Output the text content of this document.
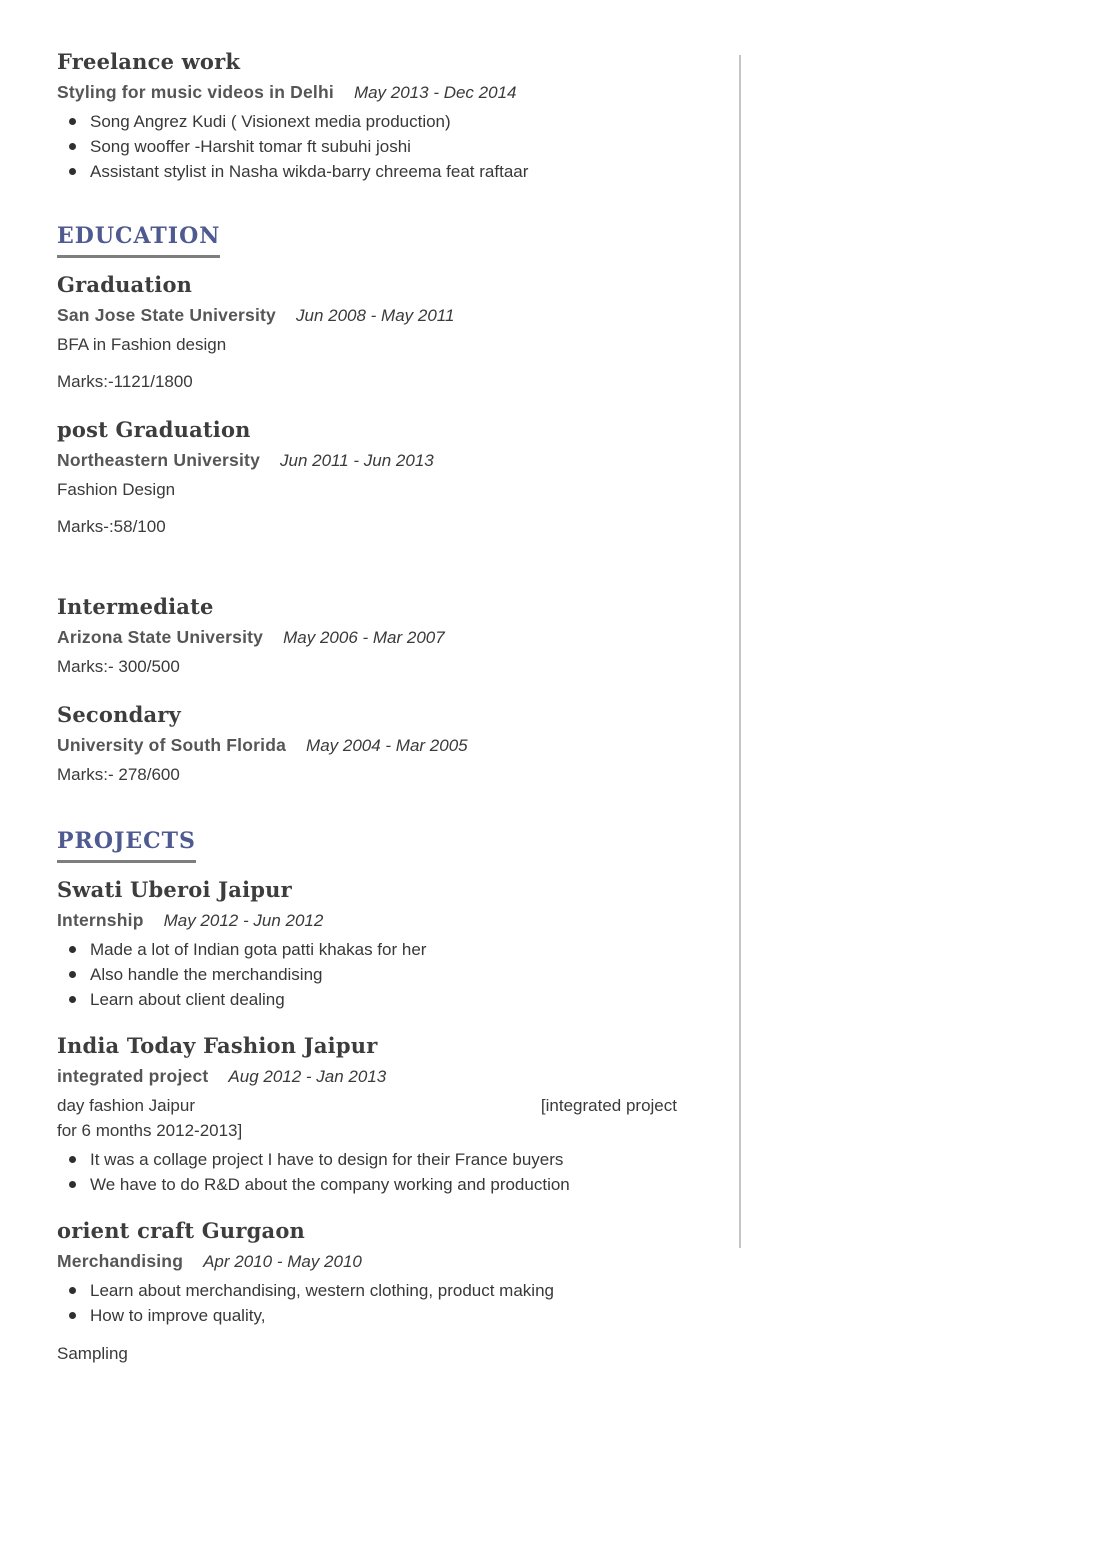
Freelance work
Styling for music videos in Delhi May 2013 - Dec 2014
Song Angrez Kudi ( Visionext media production)
Song wooffer -Harshit tomar ft subuhi joshi
Assistant stylist in Nasha wikda-barry chreema feat raftaar
EDUCATION
Graduation
San Jose State University Jun 2008 - May 2011
BFA in Fashion design
Marks:-1121/1800
post Graduation
Northeastern University Jun 2011 - Jun 2013
Fashion Design
Marks-:58/100
Intermediate
Arizona State University May 2006 - Mar 2007
Marks:- 300/500
Secondary
University of South Florida May 2004 - Mar 2005
Marks:- 278/600
PROJECTS
Swati Uberoi Jaipur
Internship May 2012 - Jun 2012
Made a lot of Indian gota patti khakas for her
Also handle the merchandising
Learn about client dealing
India Today Fashion Jaipur
integrated project Aug 2012 - Jan 2013
day fashion Jaipur	[integrated project
for 6 months 2012-2013]
It was a collage project I have to design for their France buyers
We have to do R&D about the company working and production
orient craft Gurgaon
Merchandising Apr 2010 - May 2010
Learn about merchandising, western clothing, product making
How to improve quality,
Sampling
